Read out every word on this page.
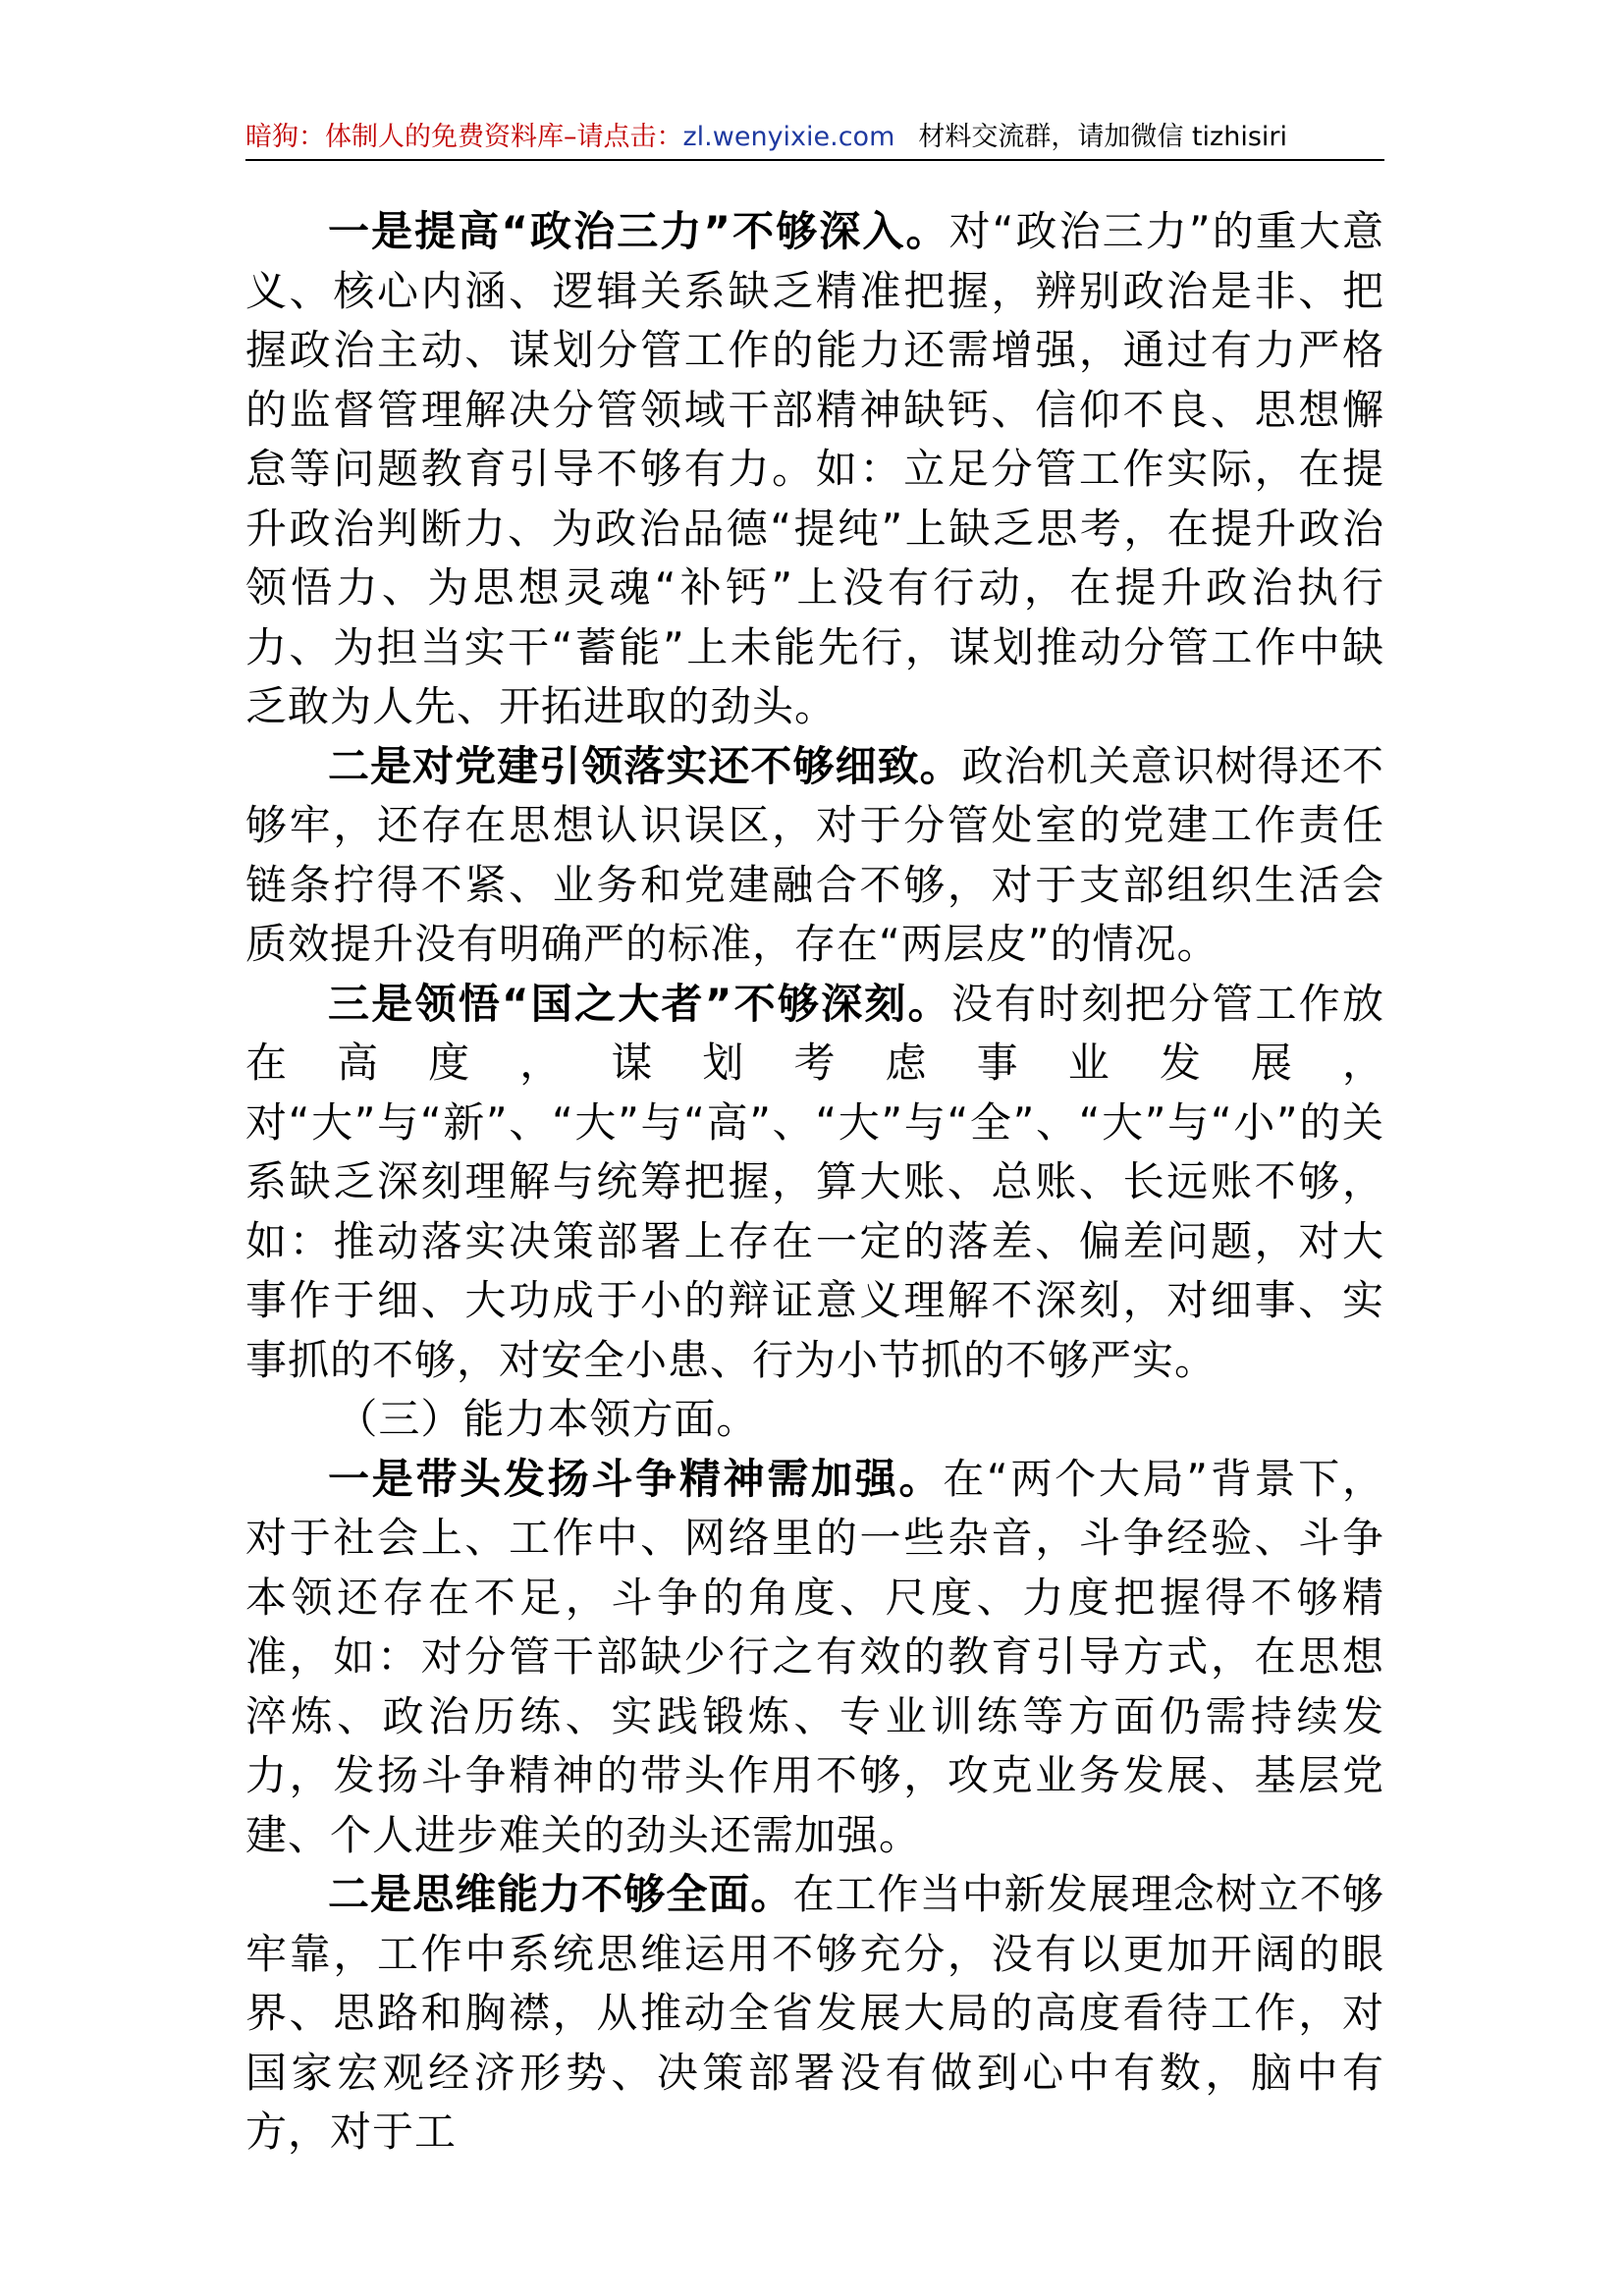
暗狗：体制人的免费资料库–请点击：zl.wenyixie.com 材料交流群，请加微信 tizhisiri

一是提高“政治三力”不够深入。对“政治三力”的重大意义、核心内涵、逻辑关系缺乏精准把握，辨别政治是非、把握政治主动、谋划分管工作的能力还需增强，通过有力严格的监督管理解决分管领域干部精神缺钙、信仰不良、思想懈怠等问题教育引导不够有力。如：立足分管工作实际，在提升政治判断力、为政治品德“提纯”上缺乏思考，在提升政治领悟力、为思想灵魂“补钙”上没有行动，在提升政治执行力、为担当实干“蓄能”上未能先行，谋划推动分管工作中缺乏敢为人先、开拓进取的劲头。

二是对党建引领落实还不够细致。政治机关意识树得还不够牢，还存在思想认识误区，对于分管处室的党建工作责任链条拧得不紧、业务和党建融合不够，对于支部组织生活会质效提升没有明确严的标准，存在“两层皮”的情况。

三是领悟“国之大者”不够深刻。没有时刻把分管工作放在高度，谋划考虑事业发展，对“大”与“新”、“大”与“高”、“大”与“全”、“大”与“小”的关系缺乏深刻理解与统筹把握，算大账、总账、长远账不够，如：推动落实决策部署上存在一定的落差、偏差问题，对大事作于细、大功成于小的辩证意义理解不深刻，对细事、实事抓的不够，对安全小患、行为小节抓的不够严实。

（三）能力本领方面。

一是带头发扬斗争精神需加强。在“两个大局”背景下，对于社会上、工作中、网络里的一些杂音，斗争经验、斗争本领还存在不足，斗争的角度、尺度、力度把握得不够精准，如：对分管干部缺少行之有效的教育引导方式，在思想淬炼、政治历练、实践锻炼、专业训练等方面仍需持续发力，发扬斗争精神的带头作用不够，攻克业务发展、基层党建、个人进步难关的劲头还需加强。

二是思维能力不够全面。在工作当中新发展理念树立不够牢靠，工作中系统思维运用不够充分，没有以更加开阔的眼界、思路和胸襟，从推动全省发展大局的高度看待工作，对国家宏观经济形势、决策部署没有做到心中有数，脑中有方，对于工
